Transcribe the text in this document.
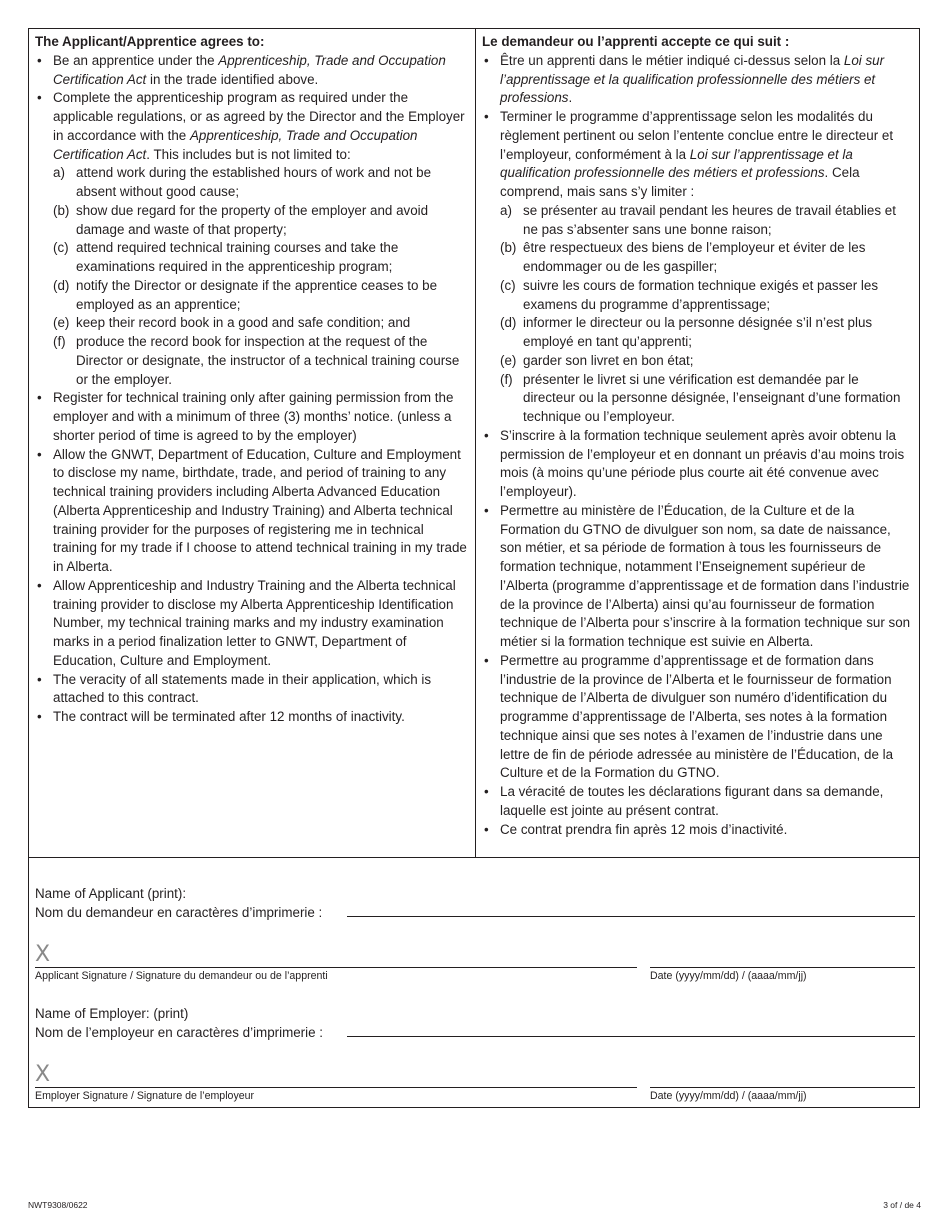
The Applicant/Apprentice agrees to:
• Be an apprentice under the Apprenticeship, Trade and Occupation Certification Act in the trade identified above.
• Complete the apprenticeship program as required under the applicable regulations, or as agreed by the Director and the Employer in accordance with the Apprenticeship, Trade and Occupation Certification Act. This includes but is not limited to:
a) attend work during the established hours of work and not be absent without good cause;
(b) show due regard for the property of the employer and avoid damage and waste of that property;
(c) attend required technical training courses and take the examinations required in the apprenticeship program;
(d) notify the Director or designate if the apprentice ceases to be employed as an apprentice;
(e) keep their record book in a good and safe condition; and
(f) produce the record book for inspection at the request of the Director or designate, the instructor of a technical training course or the employer.
• Register for technical training only after gaining permission from the employer and with a minimum of three (3) months’ notice. (unless a shorter period of time is agreed to by the employer)
• Allow the GNWT, Department of Education, Culture and Employment to disclose my name, birthdate, trade, and period of training to any technical training providers including Alberta Advanced Education (Alberta Apprenticeship and Industry Training) and Alberta technical training provider for the purposes of registering me in technical training for my trade if I choose to attend technical training in my trade in Alberta.
• Allow Apprenticeship and Industry Training and the Alberta technical training provider to disclose my Alberta Apprenticeship Identification Number, my technical training marks and my industry examination marks in a period finalization letter to GNWT, Department of Education, Culture and Employment.
• The veracity of all statements made in their application, which is attached to this contract.
• The contract will be terminated after 12 months of inactivity.
Le demandeur ou l’apprenti accepte ce qui suit :
• Être un apprenti dans le métier indiqué ci-dessus selon la Loi sur l’apprentissage et la qualification professionnelle des métiers et professions.
• Terminer le programme d’apprentissage selon les modalités du règlement pertinent ou selon l’entente conclue entre le directeur et l’employeur, conformément à la Loi sur l’apprentissage et la qualification professionnelle des métiers et professions. Cela comprend, mais sans s’y limiter :
a) se présenter au travail pendant les heures de travail établies et ne pas s’absenter sans une bonne raison;
(b) être respectueux des biens de l’employeur et éviter de les endommager ou de les gaspiller;
(c) suivre les cours de formation technique exigés et passer les examens du programme d’apprentissage;
(d) informer le directeur ou la personne désignée s’il n’est plus employé en tant qu’apprenti;
(e) garder son livret en bon état;
(f) présenter le livret si une vérification est demandée par le directeur ou la personne désignée, l’enseignant d’une formation technique ou l’employeur.
• S’inscrire à la formation technique seulement après avoir obtenu la permission de l’employeur et en donnant un préavis d’au moins trois mois (à moins qu’une période plus courte ait été convenue avec l’employeur).
• Permettre au ministère de l’Éducation, de la Culture et de la Formation du GTNO de divulguer son nom, sa date de naissance, son métier, et sa période de formation à tous les fournisseurs de formation technique, notamment l’Enseignement supérieur de l’Alberta (programme d’apprentissage et de formation dans l’industrie de la province de l’Alberta) ainsi qu’au fournisseur de formation technique de l’Alberta pour s’inscrire à la formation technique sur son métier si la formation technique est suivie en Alberta.
• Permettre au programme d’apprentissage et de formation dans l’industrie de la province de l’Alberta et le fournisseur de formation technique de l’Alberta de divulguer son numéro d’identification du programme d’apprentissage de l’Alberta, ses notes à la formation technique ainsi que ses notes à l’examen de l’industrie dans une lettre de fin de période adressée au ministère de l’Éducation, de la Culture et de la Formation du GTNO.
• La véracité de toutes les déclarations figurant dans sa demande, laquelle est jointe au présent contrat.
• Ce contrat prendra fin après 12 mois d’inactivité.
Name of Applicant (print):
Nom du demandeur en caractères d’imprimerie :
X
Applicant Signature / Signature du demandeur ou de l’apprenti	Date (yyyy/mm/dd) / (aaaa/mm/jj)
Name of Employer: (print)
Nom de l’employeur en caractères d’imprimerie :
X
Employer Signature / Signature de l’employeur	Date (yyyy/mm/dd) / (aaaa/mm/jj)
NWT9308/0622	3 of / de 4
